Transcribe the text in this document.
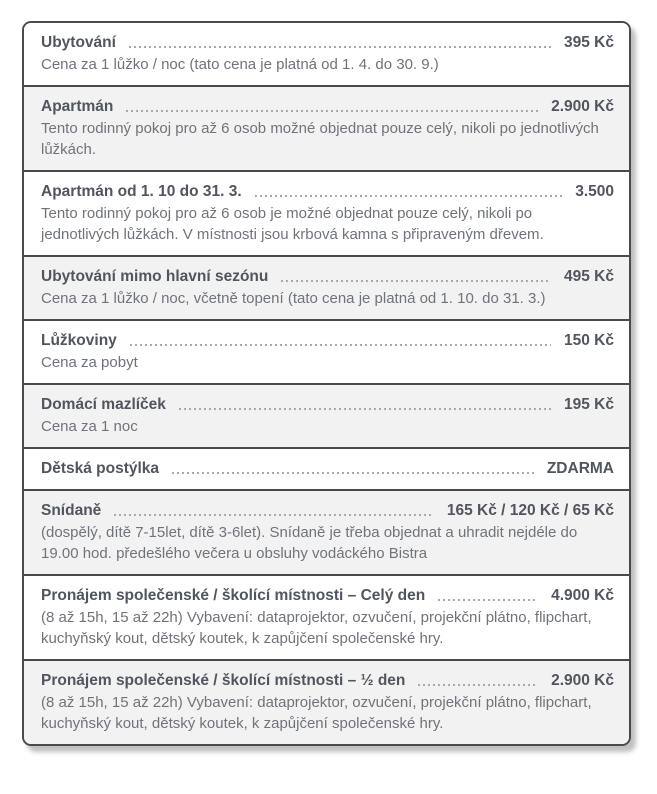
Ubytování	395 Kč

Cena za 1 lůžko / noc (tato cena je platná od 1. 4. do 30. 9.)

Apartmán	2.900 Kč

Tento rodinný pokoj pro až 6 osob možné objednat pouze celý, nikoli po jednotlivých lůžkách.

Apartmán od 1. 10 do 31. 3.	3.500

Tento rodinný pokoj pro až 6 osob je možné objednat pouze celý, nikoli po jednotlivých lůžkách. V místnosti jsou krbová kamna s připraveným dřevem.

Ubytování mimo hlavní sezónu	495 Kč

Cena za 1 lůžko / noc, včetně topení (tato cena je platná od 1. 10. do 31. 3.)

Lůžkoviny	150 Kč

Cena za pobyt

Domácí mazlíček	195 Kč

Cena za 1 noc

Dětská postýlka	ZDARMA
Snídaně	165 Kč / 120 Kč / 65 Kč

(dospělý, dítě 7-15let, dítě 3-6let). Snídaně je třeba objednat a uhradit nejdéle do 19.00 hod. předešlého večera u obsluhy vodáckého Bistra

Pronájem společenské / školící místnosti – Celý den	4.900 Kč

(8 až 15h, 15 až 22h) Vybavení: dataprojektor, ozvučení, projekční plátno, flipchart, kuchyňský kout, dětský koutek, k zapůjčení společenské hry.

Pronájem společenské / školící místnosti – ½ den	2.900 Kč

(8 až 15h, 15 až 22h) Vybavení: dataprojektor, ozvučení, projekční plátno, flipchart, kuchyňský kout, dětský koutek, k zapůjčení společenské hry.
